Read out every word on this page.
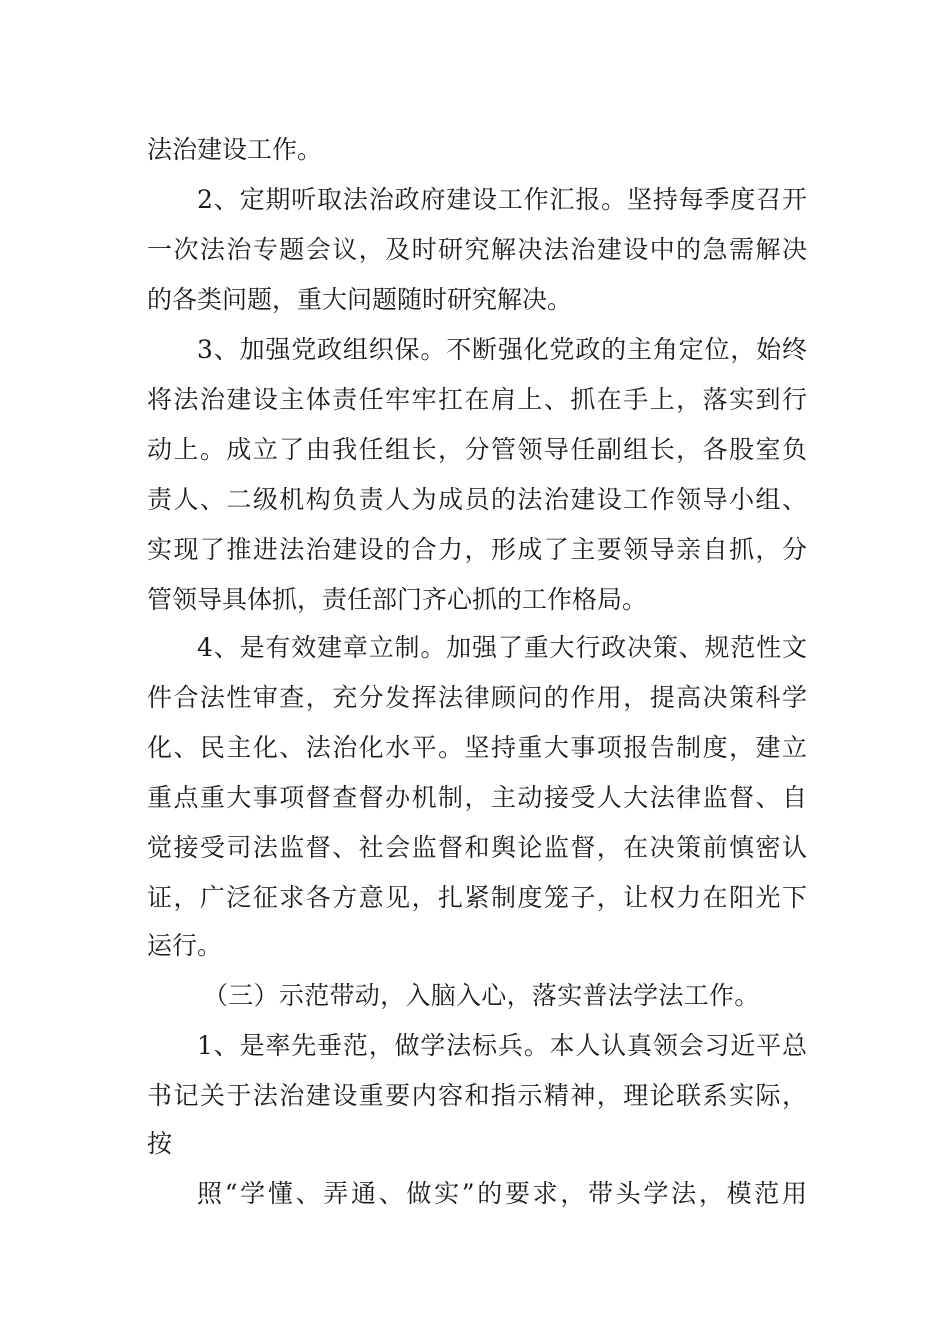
法治建设工作。

2、定期听取法治政府建设工作汇报。坚持每季度召开

一次法治专题会议，及时研究解决法治建设中的急需解决

的各类问题，重大问题随时研究解决。

3、加强党政组织保。不断强化党政的主角定位，始终

将法治建设主体责任牢牢扛在肩上、抓在手上，落实到行

动上。成立了由我任组长，分管领导任副组长，各股室负

责人、二级机构负责人为成员的法治建设工作领导小组、

实现了推进法治建设的合力，形成了主要领导亲自抓，分

管领导具体抓，责任部门齐心抓的工作格局。

4、是有效建章立制。加强了重大行政决策、规范性文

件合法性审查，充分发挥法律顾问的作用，提高决策科学

化、民主化、法治化水平。坚持重大事项报告制度，建立

重点重大事项督查督办机制，主动接受人大法律监督、自

觉接受司法监督、社会监督和舆论监督，在决策前慎密认

证，广泛征求各方意见，扎紧制度笼子，让权力在阳光下

运行。

（三）示范带动，入脑入心，落实普法学法工作。

1、是率先垂范，做学法标兵。本人认真领会习近平总

书记关于法治建设重要内容和指示精神，理论联系实际，

按

照“学懂、弄通、做实”的要求，带头学法，模范用
